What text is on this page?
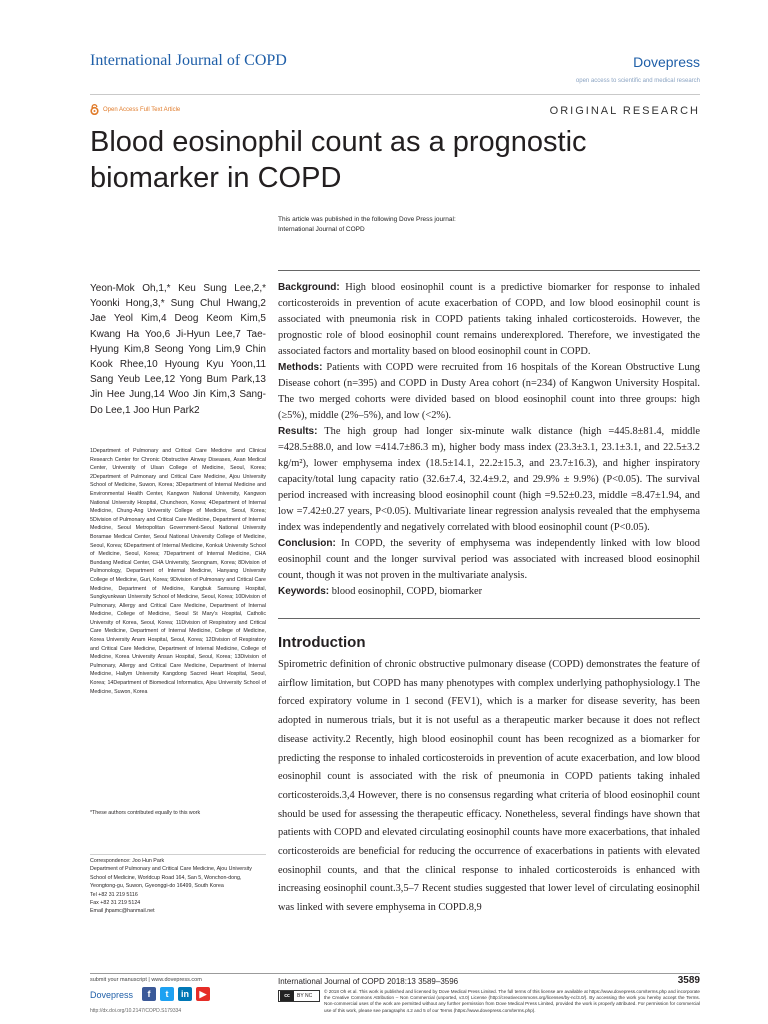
International Journal of COPD	Dovepress
open access to scientific and medical research
Open Access Full Text Article	ORIGINAL RESEARCH
Blood eosinophil count as a prognostic biomarker in COPD
This article was published in the following Dove Press journal:
International Journal of COPD
Yeon-Mok Oh,1,* Keu Sung Lee,2,* Yoonki Hong,3,* Sung Chul Hwang,2 Jae Yeol Kim,4 Deog Keom Kim,5 Kwang Ha Yoo,6 Ji-Hyun Lee,7 Tae-Hyung Kim,8 Seong Yong Lim,9 Chin Kook Rhee,10 Hyoung Kyu Yoon,11 Sang Yeub Lee,12 Yong Bum Park,13 Jin Hee Jung,14 Woo Jin Kim,3 Sang-Do Lee,1 Joo Hun Park2
1Department of Pulmonary and Critical Care Medicine and Clinical Research Center for Chronic Obstructive Airway Diseases, Asan Medical Center, University of Ulsan College of Medicine, Seoul, Korea; 2Department of Pulmonary and Critical Care Medicine, Ajou University School of Medicine, Suwon, Korea; 3Department of Internal Medicine and Environmental Health Center, Kangwon National University, Kangwon National University Hospital, Chuncheon, Korea; 4Department of Internal Medicine, Chung-Ang University College of Medicine, Seoul, Korea; 5Division of Pulmonary and Critical Care Medicine, Department of Internal Medicine, Seoul Metropolitan Government-Seoul National University Boramae Medical Center, Seoul National University College of Medicine, Seoul, Korea; 6Department of Internal Medicine, Konkuk University School of Medicine, Seoul, Korea; 7Department of Internal Medicine, CHA Bundang Medical Center, CHA University, Seongnam, Korea; 8Division of Pulmonology, Department of Internal Medicine, Hanyang University College of Medicine, Guri, Korea; 9Division of Pulmonary and Critical Care Medicine, Department of Medicine, Kangbuk Samsung Hospital, Sungkyunkwan University School of Medicine, Seoul, Korea; 10Division of Pulmonary, Allergy and Critical Care Medicine, Department of Internal Medicine, College of Medicine, Seoul St Mary's Hospital, Catholic University of Korea, Seoul, Korea; 11Division of Respiratory and Critical Care Medicine, Department of Internal Medicine, College of Medicine, Korea University Anam Hospital, Seoul, Korea; 12Division of Respiratory and Critical Care Medicine, Department of Internal Medicine, College of Medicine, Korea University Ansan Hospital, Seoul, Korea; 13Division of Pulmonary, Allergy and Critical Care Medicine, Department of Internal Medicine, Hallym University Kangdong Sacred Heart Hospital, Seoul, Korea; 14Department of Biomedical Informatics, Ajou University School of Medicine, Suwon, Korea
*These authors contributed equally to this work
Correspondence: Joo Hun Park
Department of Pulmonary and Critical Care Medicine, Ajou University School of Medicine, Worldcup Road 164, San 5, Wonchon-dong, Yeongtong-gu, Suwon, Gyeonggi-do 16499, South Korea
Tel +82 31 219 5116
Fax +82 31 219 5124
Email jhpamc@hanmail.net

Background: High blood eosinophil count is a predictive biomarker for response to inhaled corticosteroids in prevention of acute exacerbation of COPD, and low blood eosinophil count is associated with pneumonia risk in COPD patients taking inhaled corticosteroids. However, the prognostic role of blood eosinophil count remains underexplored. Therefore, we investigated the associated factors and mortality based on blood eosinophil count in COPD.

Methods: Patients with COPD were recruited from 16 hospitals of the Korean Obstructive Lung Disease cohort (n=395) and COPD in Dusty Area cohort (n=234) of Kangwon University Hospital. The two merged cohorts were divided based on blood eosinophil count into three groups: high (≥5%), middle (2%–5%), and low (<2%).

Results: The high group had longer six-minute walk distance (high =445.8±81.4, middle =428.5±88.0, and low =414.7±86.3 m), higher body mass index (23.3±3.1, 23.1±3.1, and 22.5±3.2 kg/m²), lower emphysema index (18.5±14.1, 22.2±15.3, and 23.7±16.3), and higher inspiratory capacity/total lung capacity ratio (32.6±7.4, 32.4±9.2, and 29.9% ± 9.9%) (P<0.05). The survival period increased with increasing blood eosinophil count (high =9.52±0.23, middle =8.47±1.94, and low =7.42±0.27 years, P<0.05). Multivariate linear regression analysis revealed that the emphysema index was independently and negatively correlated with blood eosinophil count (P<0.05).

Conclusion: In COPD, the severity of emphysema was independently linked with low blood eosinophil count and the longer survival period was associated with increased blood eosinophil count, though it was not proven in the multivariate analysis.

Keywords: blood eosinophil, COPD, biomarker

Introduction
Spirometric definition of chronic obstructive pulmonary disease (COPD) demonstrates the feature of airflow limitation, but COPD has many phenotypes with complex underlying pathophysiology.1 The forced expiratory volume in 1 second (FEV1), which is a marker for disease severity, has been adopted in numerous trials, but it is not useful as a therapeutic marker because it does not reflect disease activity.2 Recently, high blood eosinophil count has been recognized as a biomarker for predicting the response to inhaled corticosteroids in prevention of acute exacerbation, and low blood eosinophil count is associated with the risk of pneumonia in COPD patients taking inhaled corticosteroids.3,4 However, there is no consensus regarding what criteria of blood eosinophil count should be used for assessing the therapeutic efficacy. Nonetheless, several findings have shown that patients with COPD and elevated circulating eosinophil counts have more exacerbations, that inhaled corticosteroids are beneficial for reducing the occurrence of exacerbations in patients with elevated eosinophil counts, and that the clinical response to inhaled corticosteroids is enhanced with increasing eosinophil count.3,5–7 Recent studies suggested that lower level of circulating eosinophil was linked with severe emphysema in COPD.8,9
submit your manuscript | www.dovepress.com
Dovepress	f	t	in	▶
http://dx.doi.org/10.2147/COPD.S179334
International Journal of COPD 2018:13 3589–3596	3589
cc	BY NC
© 2018 Oh et al. This work is published and licensed by Dove Medical Press Limited. The full terms of this license are available at https://www.dovepress.com/terms.php and incorporate the Creative Commons Attribution – Non Commercial (unported, v3.0) License (http://creativecommons.org/licenses/by-nc/3.0/). By accessing the work you hereby accept the Terms. Non-commercial uses of the work are permitted without any further permission from Dove Medical Press Limited, provided the work is properly attributed. For permission for commercial use of this work, please see paragraphs 4.2 and 5 of our Terms (https://www.dovepress.com/terms.php).
